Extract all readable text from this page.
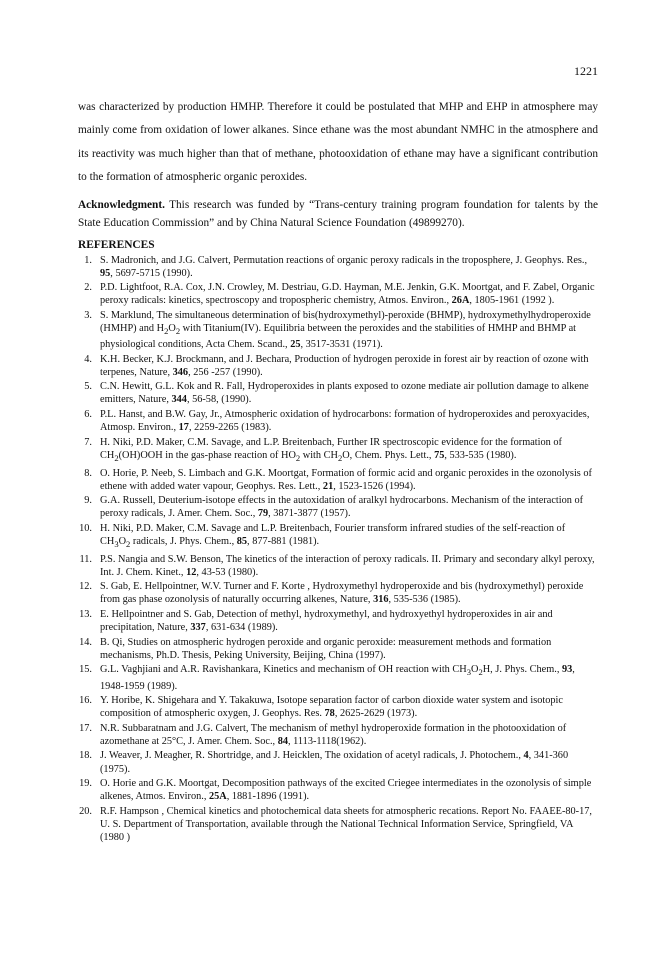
1221

was characterized by production HMHP. Therefore it could be postulated that MHP and EHP in atmosphere may mainly come from oxidation of lower alkanes. Since ethane was the most abundant NMHC in the atmosphere and its reactivity was much higher than that of methane, photooxidation of ethane may have a significant contribution to the formation of atmospheric organic peroxides.

Acknowledgment. This research was funded by “Trans-century training program foundation for talents by the State Education Commission” and by China Natural Science Foundation (49899270).

REFERENCES

1. S. Madronich, and J.G. Calvert, Permutation reactions of organic peroxy radicals in the troposphere, J. Geophys. Res., 95, 5697-5715 (1990).
2. P.D. Lightfoot, R.A. Cox, J.N. Crowley, M. Destriau, G.D. Hayman, M.E. Jenkin, G.K. Moortgat, and F. Zabel, Organic peroxy radicals: kinetics, spectroscopy and tropospheric chemistry, Atmos. Environ., 26A, 1805-1961 (1992 ).
3. S. Marklund, The simultaneous determination of bis(hydroxymethyl)-peroxide (BHMP), hydroxymethylhydroperoxide (HMHP) and $H_2O_2$ with Titanium(IV). Equilibria between the peroxides and the stabilities of HMHP and BHMP at physiological conditions, Acta Chem. Scand., 25, 3517-3531 (1971).
4. K.H. Becker, K.J. Brockmann, and J. Bechara, Production of hydrogen peroxide in forest air by reaction of ozone with terpenes, Nature, 346, 256 -257 (1990).
5. C.N. Hewitt, G.L. Kok and R. Fall, Hydroperoxides in plants exposed to ozone mediate air pollution damage to alkene emitters, Nature, 344, 56-58, (1990).
6. P.L. Hanst, and B.W. Gay, Jr., Atmospheric oxidation of hydrocarbons: formation of hydroperoxides and peroxyacides, Atmosp. Environ., 17, 2259-2265 (1983).
7. H. Niki, P.D. Maker, C.M. Savage, and L.P. Breitenbach, Further IR spectroscopic evidence for the formation of $CH_2(OH)OOH$ in the gas-phase reaction of $HO_2$ with $CH_2O$, Chem. Phys. Lett., 75, 533-535 (1980).
8. O. Horie, P. Neeb, S. Limbach and G.K. Moortgat, Formation of formic acid and organic peroxides in the ozonolysis of ethene with added water vapour, Geophys. Res. Lett., 21, 1523-1526 (1994).
9. G.A. Russell, Deuterium-isotope effects in the autoxidation of aralkyl hydrocarbons. Mechanism of the interaction of peroxy radicals, J. Amer. Chem. Soc., 79, 3871-3877 (1957).
10. H. Niki, P.D. Maker, C.M. Savage and L.P. Breitenbach, Fourier transform infrared studies of the self-reaction of $CH_3O_2$ radicals, J. Phys. Chem., 85, 877-881 (1981).
11. P.S. Nangia and S.W. Benson, The kinetics of the interaction of peroxy radicals. II. Primary and secondary alkyl peroxy, Int. J. Chem. Kinet., 12, 43-53 (1980).
12. S. Gab, E. Hellpointner, W.V. Turner and F. Korte , Hydroxymethyl hydroperoxide and bis (hydroxymethyl) peroxide from gas phase ozonolysis of naturally occurring alkenes, Nature, 316, 535-536 (1985).
13. E. Hellpointner and S. Gab, Detection of methyl, hydroxymethyl, and hydroxyethyl hydroperoxides in air and precipitation, Nature, 337, 631-634 (1989).
14. B. Qi, Studies on atmospheric hydrogen peroxide and organic peroxide: measurement methods and formation mechanisms, Ph.D. Thesis, Peking University, Beijing, China (1997).
15. G.L. Vaghjiani and A.R. Ravishankara, Kinetics and mechanism of OH reaction with $CH_3O_2H$, J. Phys. Chem., 93, 1948-1959 (1989).
16. Y. Horibe, K. Shigehara and Y. Takakuwa, Isotope separation factor of carbon dioxide water system and isotopic composition of atmospheric oxygen, J. Geophys. Res. 78, 2625-2629 (1973).
17. N.R. Subbaratnam and J.G. Calvert, The mechanism of methyl hydroperoxide formation in the photooxidation of azomethane at 25°C, J. Amer. Chem. Soc., 84, 1113-1118(1962).
18. J. Weaver, J. Meagher, R. Shortridge, and J. Heicklen, The oxidation of acetyl radicals, J. Photochem., 4, 341-360 (1975).
19. O. Horie and G.K. Moortgat, Decomposition pathways of the excited Criegee intermediates in the ozonolysis of simple alkenes, Atmos. Environ., 25A, 1881-1896 (1991).
20. R.F. Hampson , Chemical kinetics and photochemical data sheets for atmospheric recations. Report No. FAAEE-80-17, U. S. Department of Transportation, available through the National Technical Information Service, Springfield, VA (1980 )
